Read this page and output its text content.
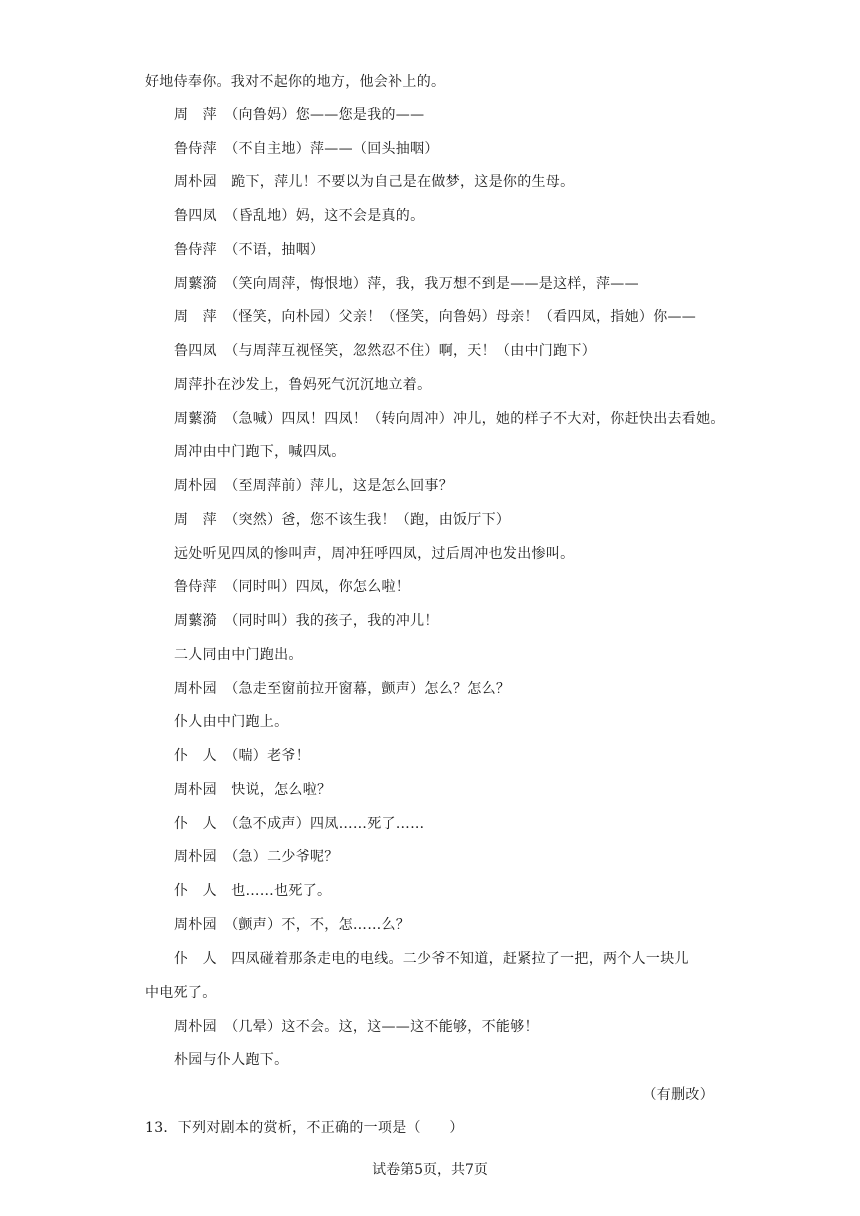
好地侍奉你。我对不起你的地方，他会补上的。
周　萍　（向鲁妈）您——您是我的——
鲁侍萍　（不自主地）萍——（回头抽咽）
周朴园　跪下，萍儿！不要以为自己是在做梦，这是你的生母。
鲁四凤　（昏乱地）妈，这不会是真的。
鲁侍萍　（不语，抽咽）
周蘩漪　（笑向周萍，悔恨地）萍，我，我万想不到是——是这样，萍——
周　萍　（怪笑，向朴园）父亲！（怪笑，向鲁妈）母亲！（看四凤，指她）你——
鲁四凤　（与周萍互视怪笑，忽然忍不住）啊，天！（由中门跑下）
周萍扑在沙发上，鲁妈死气沉沉地立着。
周蘩漪　（急喊）四凤！四凤！（转向周冲）冲儿，她的样子不大对，你赶快出去看她。
周冲由中门跑下，喊四凤。
周朴园　（至周萍前）萍儿，这是怎么回事？
周　萍　（突然）爸，您不该生我！（跑，由饭厅下）
远处听见四凤的惨叫声，周冲狂呼四凤，过后周冲也发出惨叫。
鲁侍萍　（同时叫）四凤，你怎么啦！
周蘩漪　（同时叫）我的孩子，我的冲儿！
二人同由中门跑出。
周朴园　（急走至窗前拉开窗幕，颤声）怎么？怎么？
仆人由中门跑上。
仆　人　（喘）老爷！
周朴园　快说，怎么啦？
仆　人　（急不成声）四凤……死了……
周朴园　（急）二少爷呢？
仆　人　也……也死了。
周朴园　（颤声）不，不，怎……么？
仆　人　四凤碰着那条走电的电线。二少爷不知道，赶紧拉了一把，两个人一块儿
中电死了。
周朴园　（几晕）这不会。这，这——这不能够，不能够！
朴园与仆人跑下。
（有删改）
13．下列对剧本的赏析，不正确的一项是（　　）
试卷第5页，共7页
